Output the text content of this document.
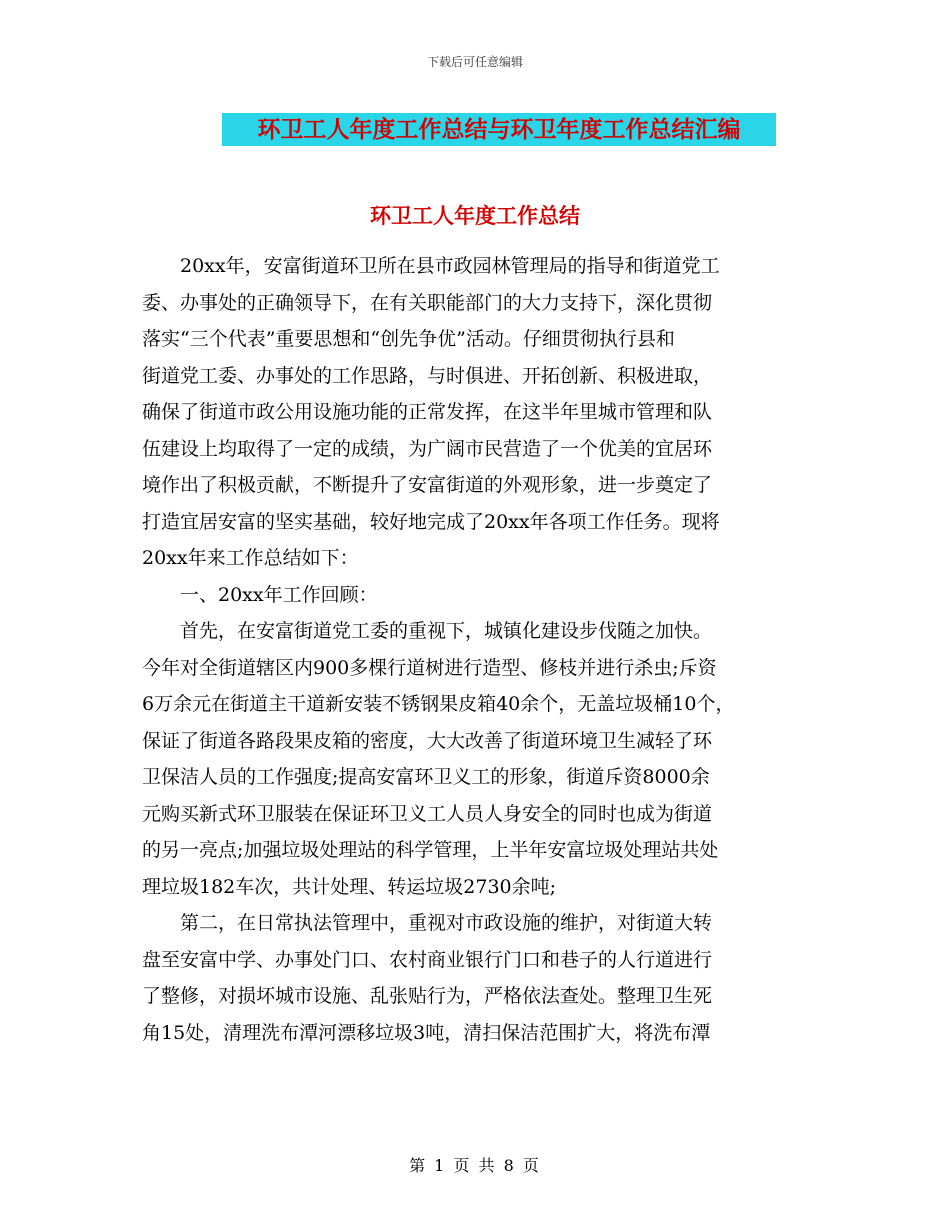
下载后可任意编辑
环卫工人年度工作总结与环卫年度工作总结汇编
环卫工人年度工作总结

20xx年，安富街道环卫所在县市政园林管理局的指导和街道党工
委、办事处的正确领导下，在有关职能部门的大力支持下，深化贯彻
落实“三个代表”重要思想和“创先争优”活动。仔细贯彻执行县和
街道党工委、办事处的工作思路，与时俱进、开拓创新、积极进取，
确保了街道市政公用设施功能的正常发挥，在这半年里城市管理和队
伍建设上均取得了一定的成绩，为广阔市民营造了一个优美的宜居环
境作出了积极贡献，不断提升了安富街道的外观形象，进一步奠定了
打造宜居安富的坚实基础，较好地完成了20xx年各项工作任务。现将
20xx年来工作总结如下：

一、20xx年工作回顾：

首先，在安富街道党工委的重视下，城镇化建设步伐随之加快。
今年对全街道辖区内900多棵行道树进行造型、修枝并进行杀虫;斥资
6万余元在街道主干道新安装不锈钢果皮箱40余个，无盖垃圾桶10个，
保证了街道各路段果皮箱的密度，大大改善了街道环境卫生减轻了环
卫保洁人员的工作强度;提高安富环卫义工的形象，街道斥资8000余
元购买新式环卫服装在保证环卫义工人员人身安全的同时也成为街道
的另一亮点;加强垃圾处理站的科学管理，上半年安富垃圾处理站共处
理垃圾182车次，共计处理、转运垃圾2730余吨;

第二，在日常执法管理中，重视对市政设施的维护，对街道大转
盘至安富中学、办事处门口、农村商业银行门口和巷子的人行道进行
了整修，对损坏城市设施、乱张贴行为，严格依法查处。整理卫生死
角15处，清理洗布潭河漂移垃圾3吨，清扫保洁范围扩大，将洗布潭

第 1 页 共 8 页
